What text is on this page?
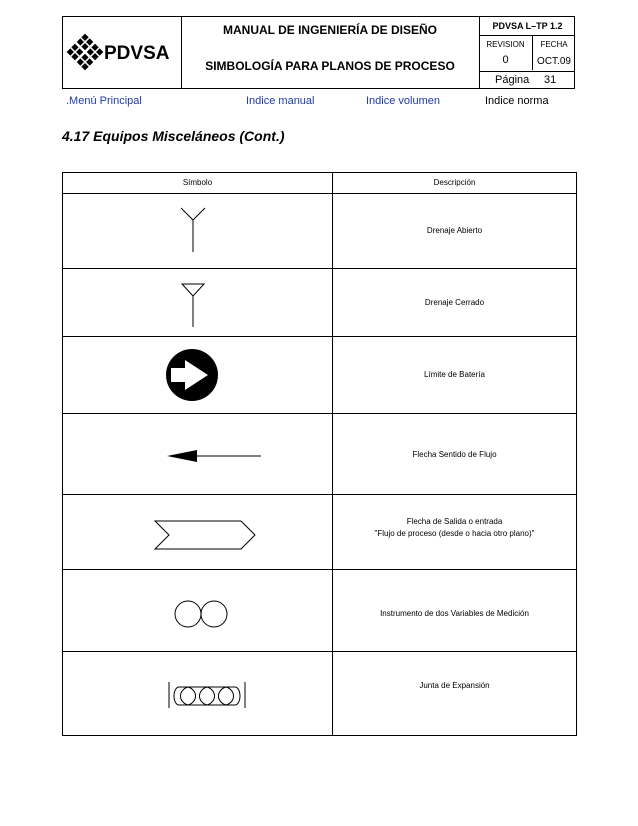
PDVSA
MANUAL DE INGENIERÍA DE DISEÑO
SIMBOLOGÍA PARA PLANOS DE PROCESO
PDVSA L–TP 1.2
REVISION	FECHA
0	OCT.09
Página 31
.Menú Principal	Indice manual	Indice volumen	Indice norma
4.17 Equipos Misceláneos (Cont.)
Símbolo	Descripción
Drenaje Abierto
Drenaje Cerrado
Límite de Batería
Flecha Sentido de Flujo
Flecha de Salida o entrada
"Flujo de proceso (desde o hacia otro plano)"
Instrumento de dos Variables de Medición
Junta de Expansión
